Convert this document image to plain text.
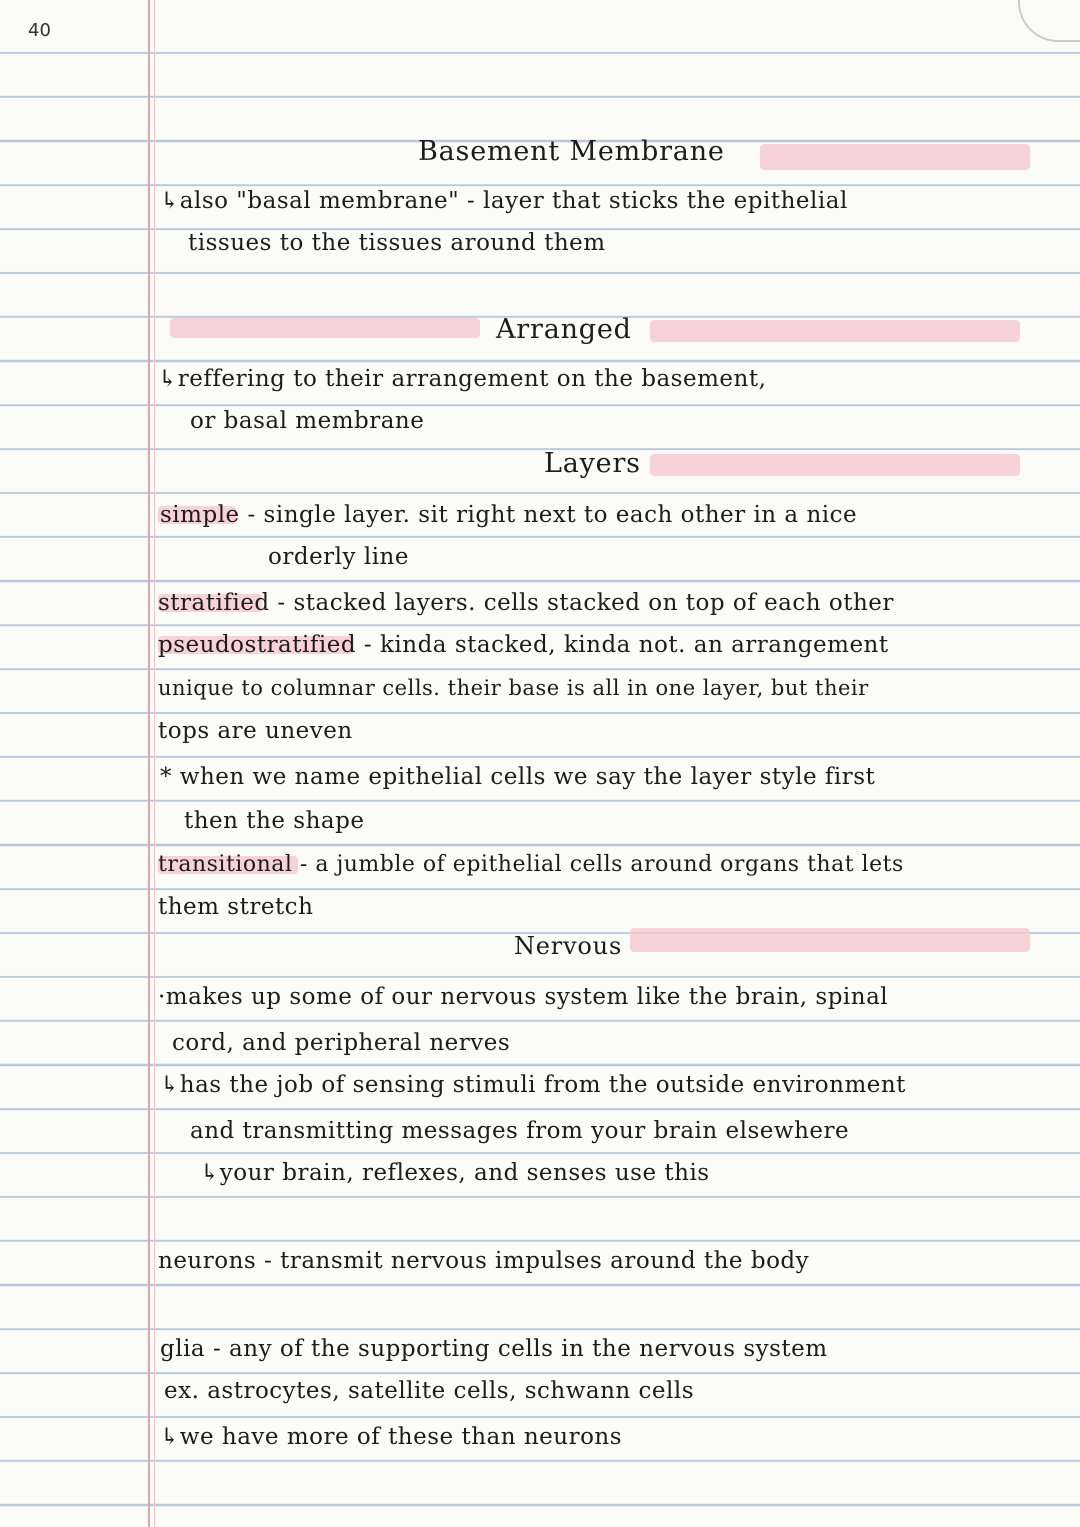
40
Basement Membrane
Arranged
Layers
Nervous
↳also "basal membrane" - layer that sticks the epithelial
tissues to the tissues around them
↳reffering to their arrangement on the basement,
or basal membrane
simple - single layer. sit right next to each other in a nice
orderly line
stratified - stacked layers. cells stacked on top of each other
pseudostratified - kinda stacked, kinda not. an arrangement
unique to columnar cells. their base is all in one layer, but their
tops are uneven
* when we name epithelial cells we say the layer style first
then the shape
transitional - a jumble of epithelial cells around organs that lets
them stretch
·makes up some of our nervous system like the brain, spinal
cord, and peripheral nerves
↳has the job of sensing stimuli from the outside environment
and transmitting messages from your brain elsewhere
↳your brain, reflexes, and senses use this
neurons - transmit nervous impulses around the body
glia - any of the supporting cells in the nervous system
ex. astrocytes, satellite cells, schwann cells
↳we have more of these than neurons
